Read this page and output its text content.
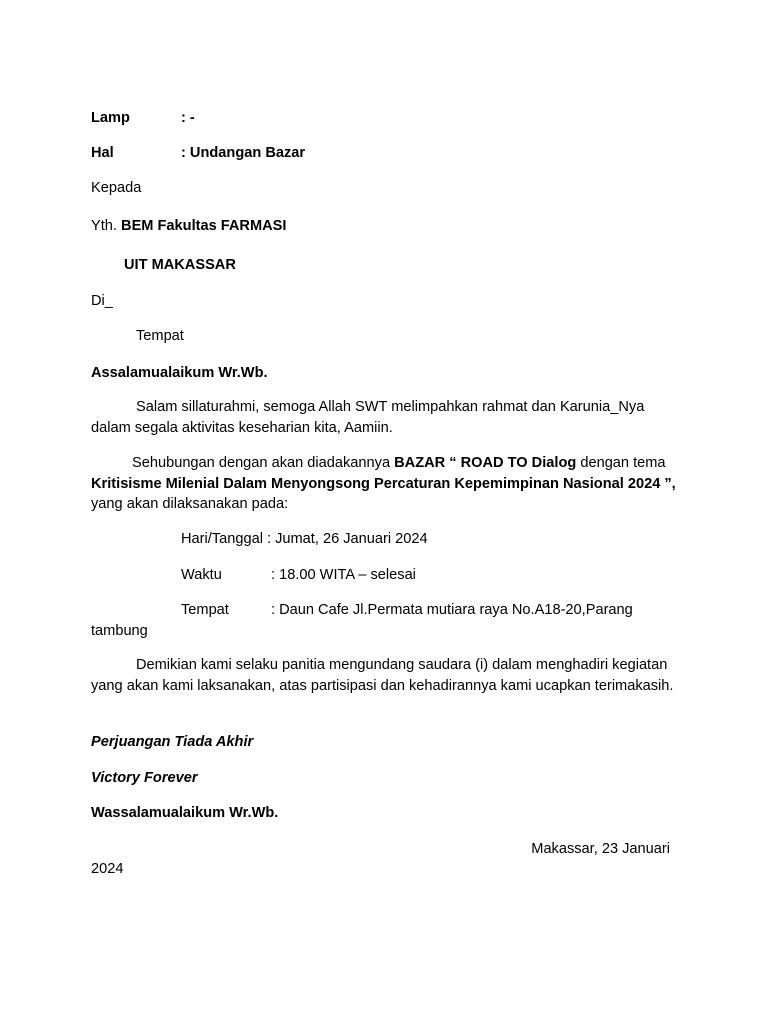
Lamp	: -
Hal	: Undangan Bazar
Kepada
Yth. BEM Fakultas FARMASI
UIT MAKASSAR
Di_
Tempat
Assalamualaikum Wr.Wb.
Salam sillaturahmi, semoga Allah SWT melimpahkan rahmat dan Karunia_Nya dalam segala aktivitas keseharian kita, Aamiin.
Sehubungan dengan akan diadakannya BAZAR “ ROAD TO Dialog dengan tema Kritisisme Milenial Dalam Menyongsong Percaturan Kepemimpinan Nasional 2024 ”, yang akan dilaksanakan pada:
Hari/Tanggal : Jumat, 26 Januari 2024
Waktu	: 18.00 WITA – selesai
Tempat	: Daun Cafe Jl.Permata mutiara raya No.A18-20,Parang
tambung
Demikian kami selaku panitia mengundang saudara (i) dalam menghadiri kegiatan yang akan kami laksanakan, atas partisipasi dan kehadirannya kami ucapkan terimakasih.
Perjuangan Tiada Akhir
Victory Forever
Wassalamualaikum Wr.Wb.
Makassar, 23 Januari
2024
